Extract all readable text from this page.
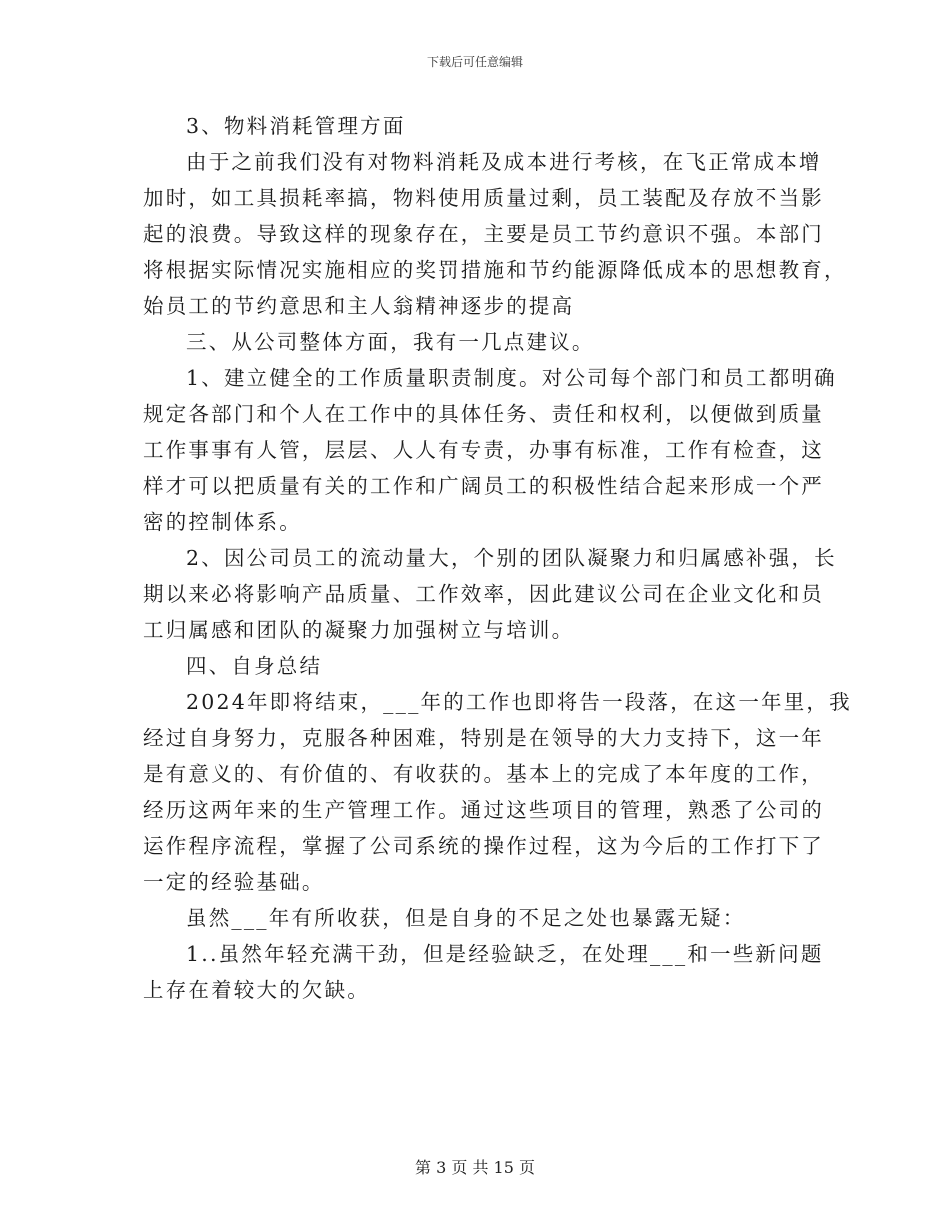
下载后可任意编辑

3、物料消耗管理方面

由于之前我们没有对物料消耗及成本进行考核，在飞正常成本增

加时，如工具损耗率搞，物料使用质量过剩，员工装配及存放不当影

起的浪费。导致这样的现象存在，主要是员工节约意识不强。本部门

将根据实际情况实施相应的奖罚措施和节约能源降低成本的思想教育，

始员工的节约意思和主人翁精神逐步的提高

三、从公司整体方面，我有一几点建议。

1、建立健全的工作质量职责制度。对公司每个部门和员工都明确

规定各部门和个人在工作中的具体任务、责任和权利，以便做到质量

工作事事有人管，层层、人人有专责，办事有标准，工作有检查，这

样才可以把质量有关的工作和广阔员工的积极性结合起来形成一个严

密的控制体系。

2、因公司员工的流动量大，个别的团队凝聚力和归属感补强，长

期以来必将影响产品质量、工作效率，因此建议公司在企业文化和员

工归属感和团队的凝聚力加强树立与培训。

四、自身总结

2024年即将结束，___年的工作也即将告一段落，在这一年里，我

经过自身努力，克服各种困难，特别是在领导的大力支持下，这一年

是有意义的、有价值的、有收获的。基本上的完成了本年度的工作，

经历这两年来的生产管理工作。通过这些项目的管理，熟悉了公司的

运作程序流程，掌握了公司系统的操作过程，这为今后的工作打下了

一定的经验基础。

虽然___年有所收获，但是自身的不足之处也暴露无疑：

1..虽然年轻充满干劲，但是经验缺乏，在处理___和一些新问题

上存在着较大的欠缺。

第 3 页 共 15 页
